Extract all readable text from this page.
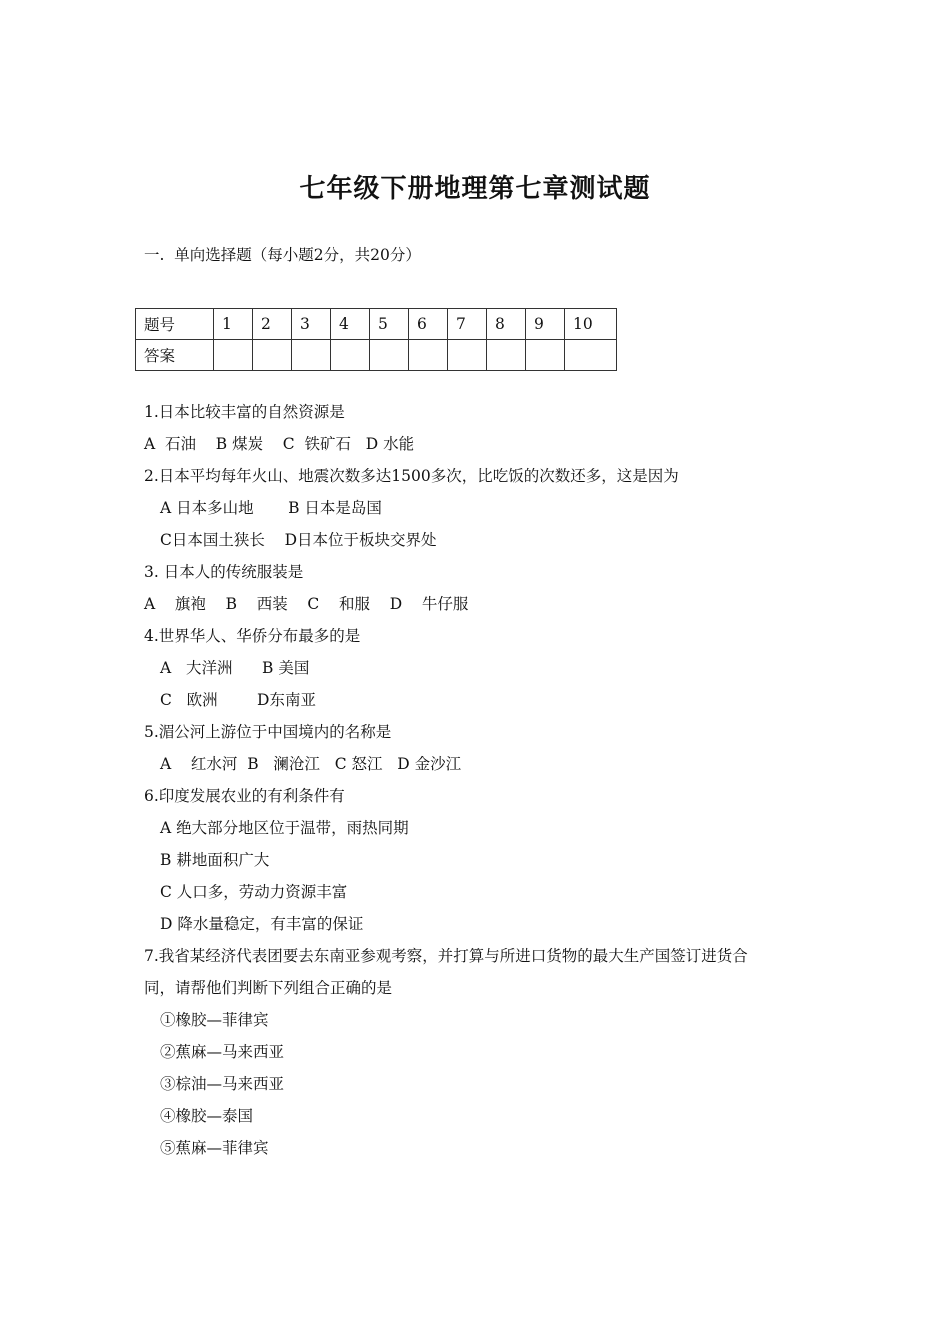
七年级下册地理第七章测试题
一.  单向选择题（每小题2分，共20分）
题号	1	2	3	4	5	6	7	8	9	10
答案										
1.日本比较丰富的自然资源是
A  石油    B 煤炭    C  铁矿石   D 水能
2.日本平均每年火山、地震次数多达1500多次，比吃饭的次数还多，这是因为
A 日本多山地       B 日本是岛国
C日本国土狭长    D日本位于板块交界处
3. 日本人的传统服装是
A    旗袍    B    西装    C    和服    D    牛仔服
4.世界华人、华侨分布最多的是
A   大洋洲      B 美国
C   欧洲        D东南亚
5.湄公河上游位于中国境内的名称是
A    红水河  B   澜沧江   C 怒江   D 金沙江
6.印度发展农业的有利条件有
A 绝大部分地区位于温带，雨热同期
B 耕地面积广大
C 人口多，劳动力资源丰富
D 降水量稳定，有丰富的保证
7.我省某经济代表团要去东南亚参观考察，并打算与所进口货物的最大生产国签订进货合
同，请帮他们判断下列组合正确的是
①橡胶—菲律宾
②蕉麻—马来西亚
③棕油—马来西亚
④橡胶—泰国
⑤蕉麻—菲律宾
